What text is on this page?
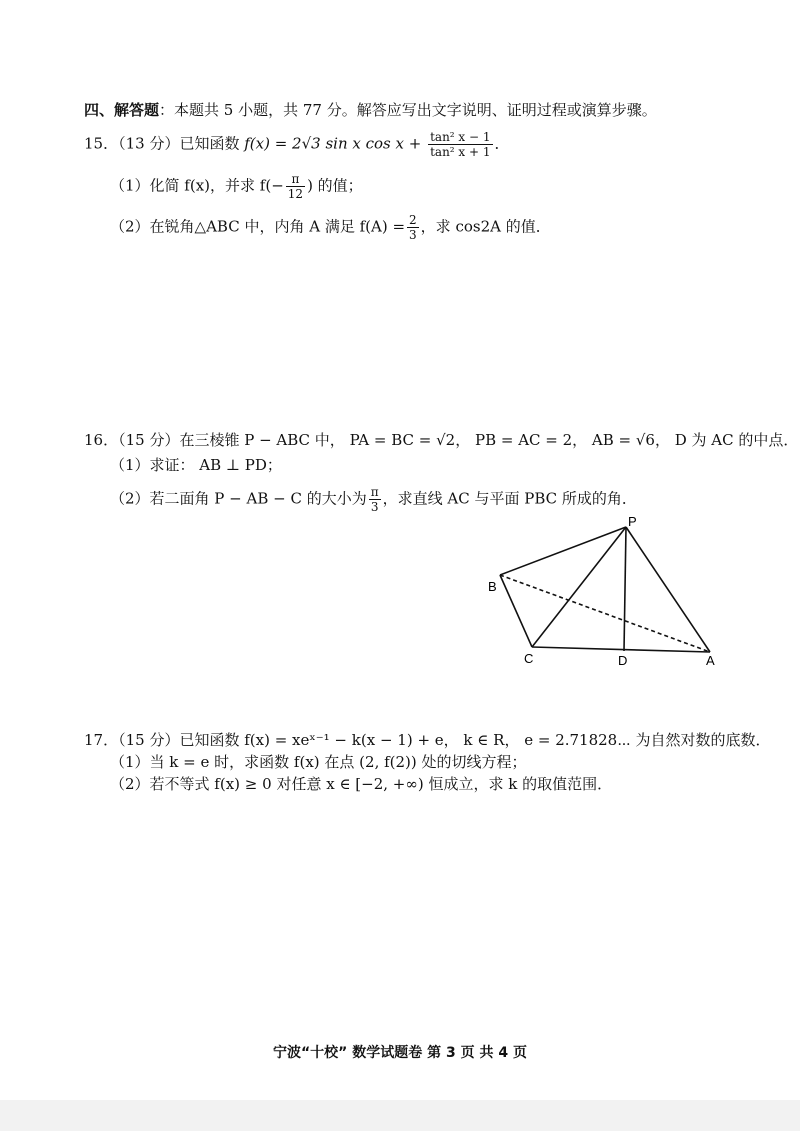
四、解答题：本题共 5 小题，共 77 分。解答应写出文字说明、证明过程或演算步骤。
15．（13 分）已知函数 f(x) = 2√3 sin x $\cos x + \frac{\text{tan² x − 1}}{\text{tan² x + 1}}$ ．
（1）化简 f(x)，并求 $f(- \frac{\pi}{12}$ ) 的值；
（2）在锐角△ABC 中，内角 A 满足 $f(A) = \frac{2}{3}$ ，求 cos2A 的值．
16．（15 分）在三棱锥 P − ABC 中， PA = BC = √2， PB = AC = 2， AB = √6， D 为 AC 的中点．
（1）求证： AB ⊥ PD；
（2）若二面角 P − AB − C 的大小为 $\frac{\pi}{3}$ ，求直线 AC 与平面 PBC 所成的角．
P
B
C	D	A
17．（15 分）已知函数 f(x) = xeˣ⁻¹ − k(x − 1) + e， k ∈ R， e = 2.71828⋯ 为自然对数的底数．
（1）当 k = e 时，求函数 f(x) 在点 (2, f(2)) 处的切线方程；
（2）若不等式 f(x) ≥ 0 对任意 x ∈ [−2, +∞) 恒成立，求 k 的取值范围．
宁波“十校” 数学试题卷 第 3 页 共 4 页
